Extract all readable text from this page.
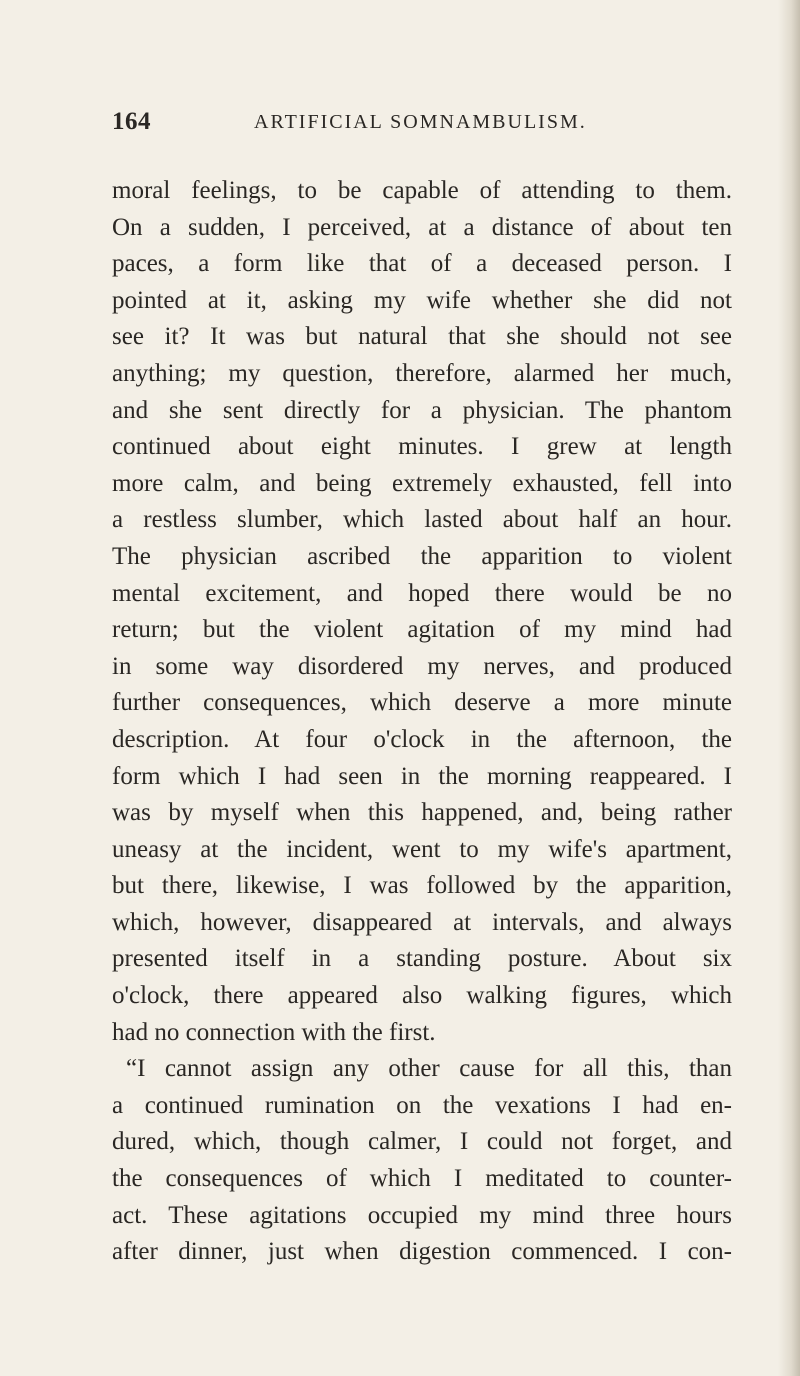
164	ARTIFICIAL SOMNAMBULISM.
moral feelings, to be capable of attending to them.
On a sudden, I perceived, at a distance of about ten
paces, a form like that of a deceased person. I
pointed at it, asking my wife whether she did not
see it? It was but natural that she should not see
anything; my question, therefore, alarmed her much,
and she sent directly for a physician. The phantom
continued about eight minutes. I grew at length
more calm, and being extremely exhausted, fell into
a restless slumber, which lasted about half an hour.
The physician ascribed the apparition to violent
mental excitement, and hoped there would be no
return; but the violent agitation of my mind had
in some way disordered my nerves, and produced
further consequences, which deserve a more minute
description. At four o'clock in the afternoon, the
form which I had seen in the morning reappeared. I
was by myself when this happened, and, being rather
uneasy at the incident, went to my wife's apartment,
but there, likewise, I was followed by the apparition,
which, however, disappeared at intervals, and always
presented itself in a standing posture. About six
o'clock, there appeared also walking figures, which
had no connection with the first.
“I cannot assign any other cause for all this, than
a continued rumination on the vexations I had en-
dured, which, though calmer, I could not forget, and
the consequences of which I meditated to counter-
act. These agitations occupied my mind three hours
after dinner, just when digestion commenced. I con-
